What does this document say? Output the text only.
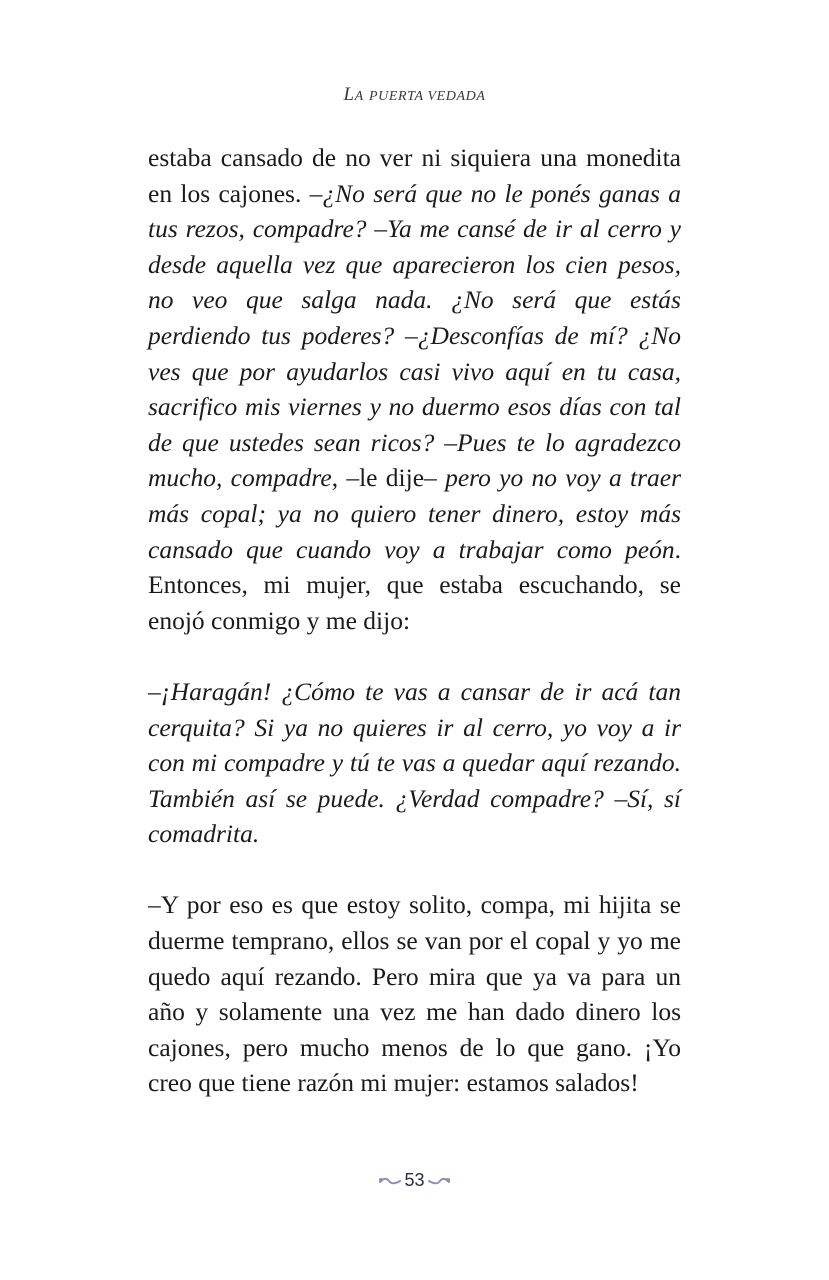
LA PUERTA VEDADA

estaba cansado de no ver ni siquiera una monedita en los cajones. –¿No será que no le ponés ganas a tus rezos, compadre? –Ya me cansé de ir al cerro y desde aquella vez que aparecieron los cien pesos, no veo que salga nada. ¿No será que estás perdiendo tus poderes? –¿Desconfías de mí? ¿No ves que por ayudarlos casi vivo aquí en tu casa, sacrifico mis viernes y no duermo esos días con tal de que ustedes sean ricos? –Pues te lo agradezco mucho, compadre, –le dije– pero yo no voy a traer más copal; ya no quiero tener dinero, estoy más cansado que cuando voy a trabajar como peón. Entonces, mi mujer, que estaba escuchando, se enojó conmigo y me dijo:

–¡Haragán! ¿Cómo te vas a cansar de ir acá tan cerquita? Si ya no quieres ir al cerro, yo voy a ir con mi compadre y tú te vas a quedar aquí rezando. También así se puede. ¿Verdad compadre? –Sí, sí comadrita.

–Y por eso es que estoy solito, compa, mi hijita se duerme temprano, ellos se van por el copal y yo me quedo aquí rezando. Pero mira que ya va para un año y solamente una vez me han dado dinero los cajones, pero mucho menos de lo que gano. ¡Yo creo que tiene razón mi mujer: estamos salados!

53
